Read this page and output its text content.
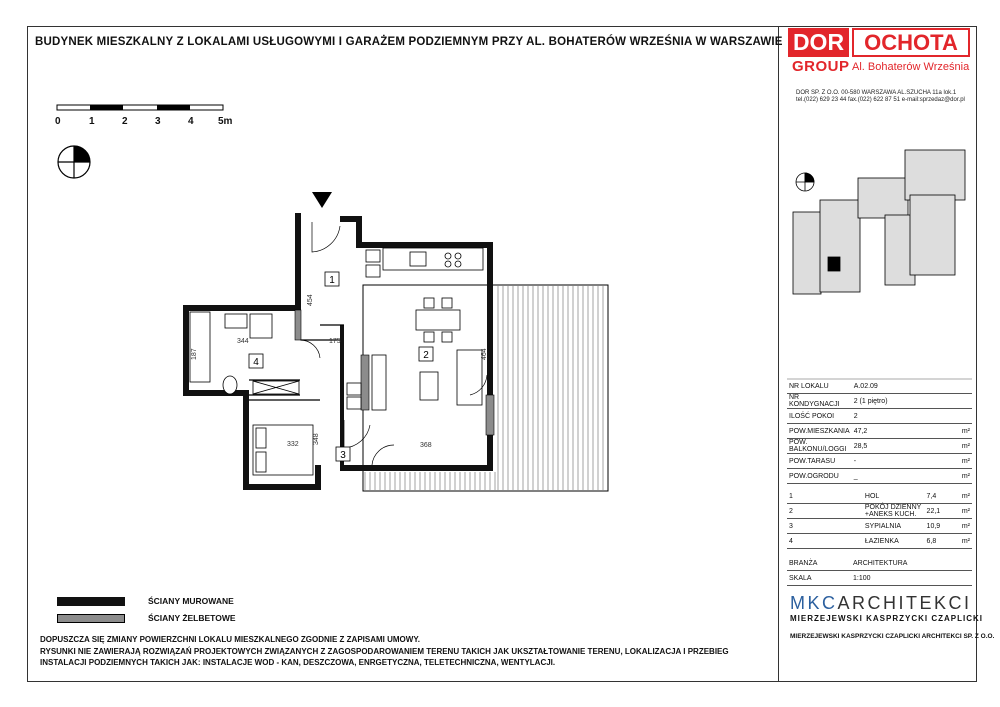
BUDYNEK MIESZKALNY Z LOKALAMI USŁUGOWYMI I GARAŻEM PODZIEMNYM PRZY AL. BOHATERÓW WRZEŚNIA W WARSZAWIE DOR OCHOTA
GROUP Al. Bohaterów Września
DOR SP. Z O.O. 00-580 WARSZAWA AL.SZUCHA 11a lok.1
tel.(022) 629 23 44 fax.(022) 622 87 51 e-mail:sprzedaz@dor.pl
0	1	2	3	4 5m
1
2
3
4
454
344
187
175
332 348
464
368
NR LOKALU	A.02.09	
NR KONDYGNACJI	2 (1 piętro)	
ILOŚĆ POKOI	2	
POW.MIESZKANIA	47,2	m²
POW. BALKONU/LOGGI	28,5	m²
POW.TARASU	-	m²
POW.OGRODU	_	m²
1	HOL	7,4	m²
2	POKÓJ DZIENNY +ANEKS KUCH.	22,1	m²
3	SYPIALNIA	10,9	m²
4	ŁAZIENKA	6,8	m²
BRANŻA	ARCHITEKTURA
SKALA	1:100
MKCARCHITEKCI
MIERZEJEWSKI KASPRZYCKI CZAPLICKI
MIERZEJEWSKI KASPRZYCKI CZAPLICKI ARCHITEKCI SP. Z O.O.
ŚCIANY MUROWANE
ŚCIANY ŻELBETOWE
DOPUSZCZA SIĘ ZMIANY POWIERZCHNI LOKALU MIESZKALNEGO ZGODNIE Z ZAPISAMI UMOWY.
RYSUNKI NIE ZAWIERAJĄ ROZWIĄZAŃ PROJEKTOWYCH ZWIĄZANYCH Z ZAGOSPODAROWANIEM TERENU TAKICH JAK UKSZTAŁTOWANIE TERENU, LOKALIZACJA I PRZEBIEG
INSTALACJI PODZIEMNYCH TAKICH JAK: INSTALACJE WOD - KAN, DESZCZOWA, ENRGETYCZNA, TELETECHNICZNA, WENTYLACJI.
